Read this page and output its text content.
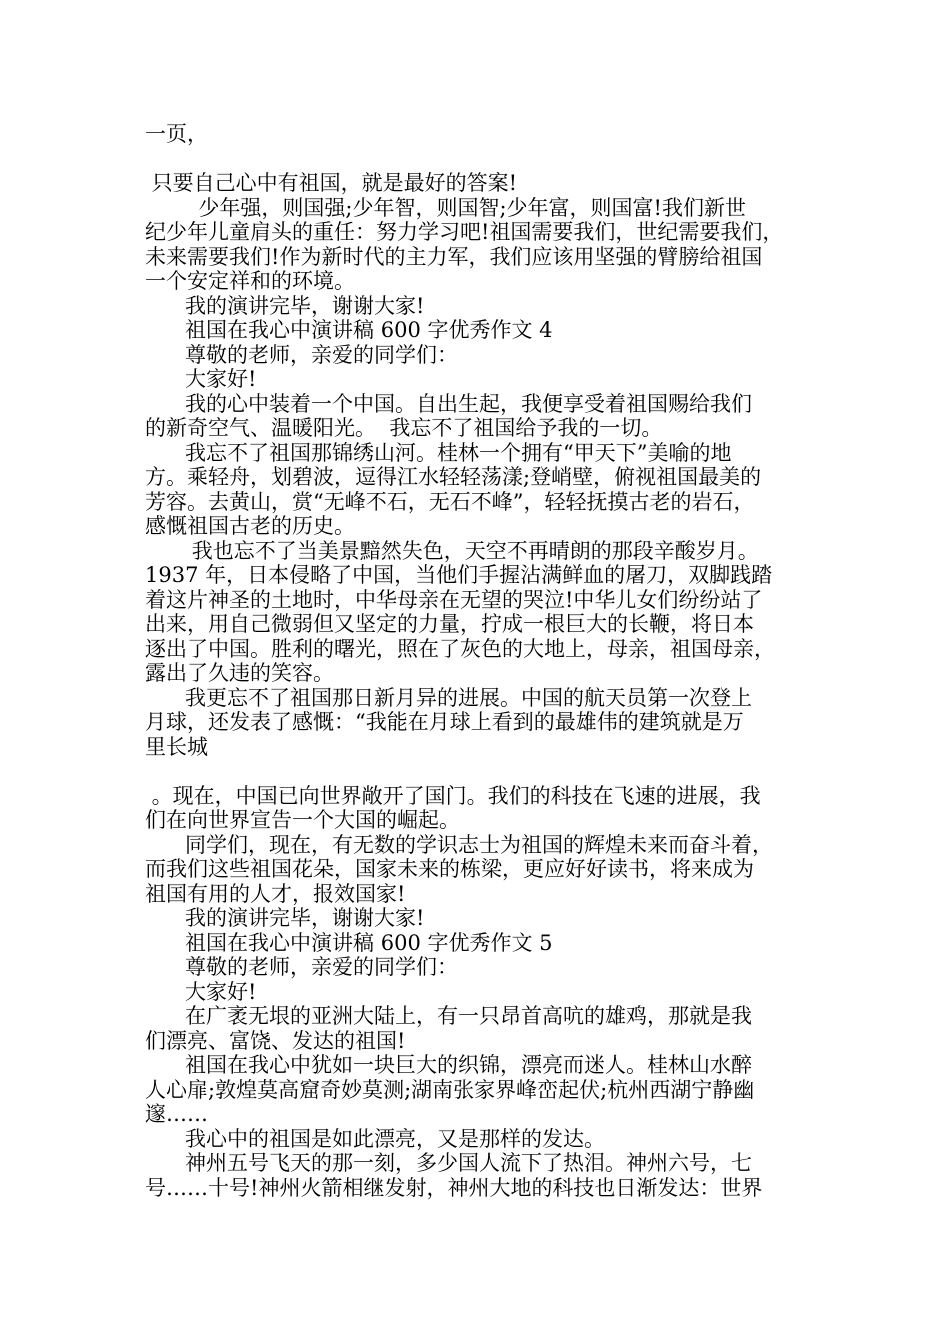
一页，
只要自己心中有祖国，就是最好的答案!
少年强，则国强;少年智，则国智;少年富，则国富!我们新世
纪少年儿童肩头的重任：努力学习吧!祖国需要我们，世纪需要我们，
未来需要我们!作为新时代的主力军，我们应该用坚强的臂膀给祖国
一个安定祥和的环境。
我的演讲完毕，谢谢大家!
祖国在我心中演讲稿 600 字优秀作文 4
尊敬的老师，亲爱的同学们：
大家好!
我的心中装着一个中国。自出生起，我便享受着祖国赐给我们
的新奇空气、温暖阳光。  我忘不了祖国给予我的一切。
我忘不了祖国那锦绣山河。桂林一个拥有“甲天下”美喻的地
方。乘轻舟，划碧波，逗得江水轻轻荡漾;登峭壁，俯视祖国最美的
芳容。去黄山，赏“无峰不石，无石不峰”，轻轻抚摸古老的岩石，
感慨祖国古老的历史。
我也忘不了当美景黯然失色，天空不再晴朗的那段辛酸岁月。
1937 年，日本侵略了中国，当他们手握沾满鲜血的屠刀，双脚践踏
着这片神圣的土地时，中华母亲在无望的哭泣!中华儿女们纷纷站了
出来，用自己微弱但又坚定的力量，拧成一根巨大的长鞭，将日本
逐出了中国。胜利的曙光，照在了灰色的大地上，母亲，祖国母亲，
露出了久违的笑容。
我更忘不了祖国那日新月异的进展。中国的航天员第一次登上
月球，还发表了感慨：“我能在月球上看到的最雄伟的建筑就是万
里长城
。现在，中国已向世界敞开了国门。我们的科技在飞速的进展，我
们在向世界宣告一个大国的崛起。
同学们，现在，有无数的学识志士为祖国的辉煌未来而奋斗着，
而我们这些祖国花朵，国家未来的栋梁，更应好好读书，将来成为
祖国有用的人才，报效国家!
我的演讲完毕，谢谢大家!
祖国在我心中演讲稿 600 字优秀作文 5
尊敬的老师，亲爱的同学们：
大家好!
在广袤无垠的亚洲大陆上，有一只昂首高吭的雄鸡，那就是我
们漂亮、富饶、发达的祖国!
祖国在我心中犹如一块巨大的织锦，漂亮而迷人。桂林山水醉
人心扉;敦煌莫高窟奇妙莫测;湖南张家界峰峦起伏;杭州西湖宁静幽
邃……
我心中的祖国是如此漂亮，又是那样的发达。
神州五号飞天的那一刻，多少国人流下了热泪。神州六号，七
号……十号!神州火箭相继发射，神州大地的科技也日渐发达：世界
